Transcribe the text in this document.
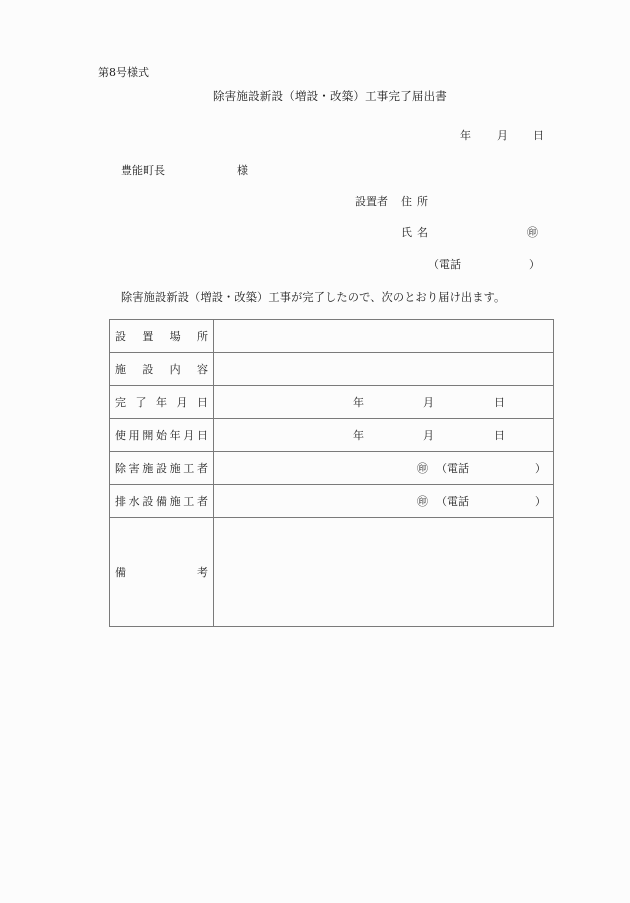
第8号様式
除害施設新設（増設・改築）工事完了届出書
年 月 日
豊能町長	様
設置者 住所
氏名	㊞
（電話	）
除害施設新設（増設・改築）工事が完了したので、次のとおり届け出ます。
設 置 場 所	

施 設 内 容	

完 了 年 月 日	年 月 日

使 用 開 始 年 月 日	年	月	日

除 害 施 設 施 工 者	㊞ （電話	）

排 水 設 備 施 工 者	㊞ （電話	）

備 考	
